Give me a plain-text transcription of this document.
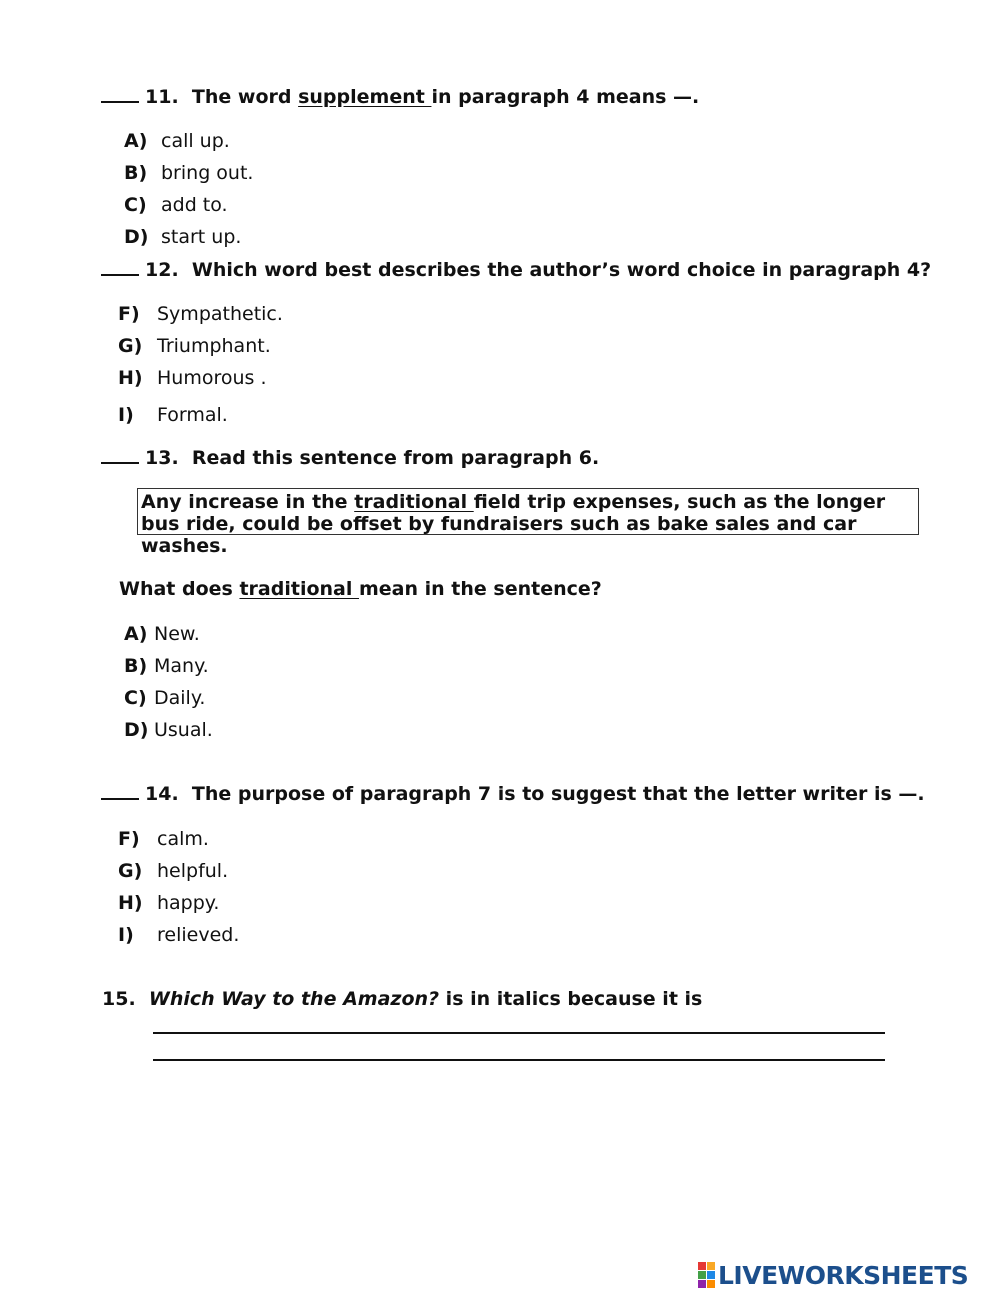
11. The word supplement in paragraph 4 means —.
A) call up.
B) bring out.
C) add to.
D) start up.
12. Which word best describes the author’s word choice in paragraph 4?
F) Sympathetic.
G) Triumphant.
H) Humorous .
I) Formal.
13. Read this sentence from paragraph 6.
Any increase in the traditional field trip expenses, such as the longer bus ride, could be offset by fundraisers such as bake sales and car washes.
What does traditional mean in the sentence?
A) New.
B) Many.
C) Daily.
D) Usual.
14. The purpose of paragraph 7 is to suggest that the letter writer is —.
F) calm.
G) helpful.
H) happy.
I) relieved.
15. Which Way to the Amazon? is in italics because it is
LIVEWORKSHEETS
